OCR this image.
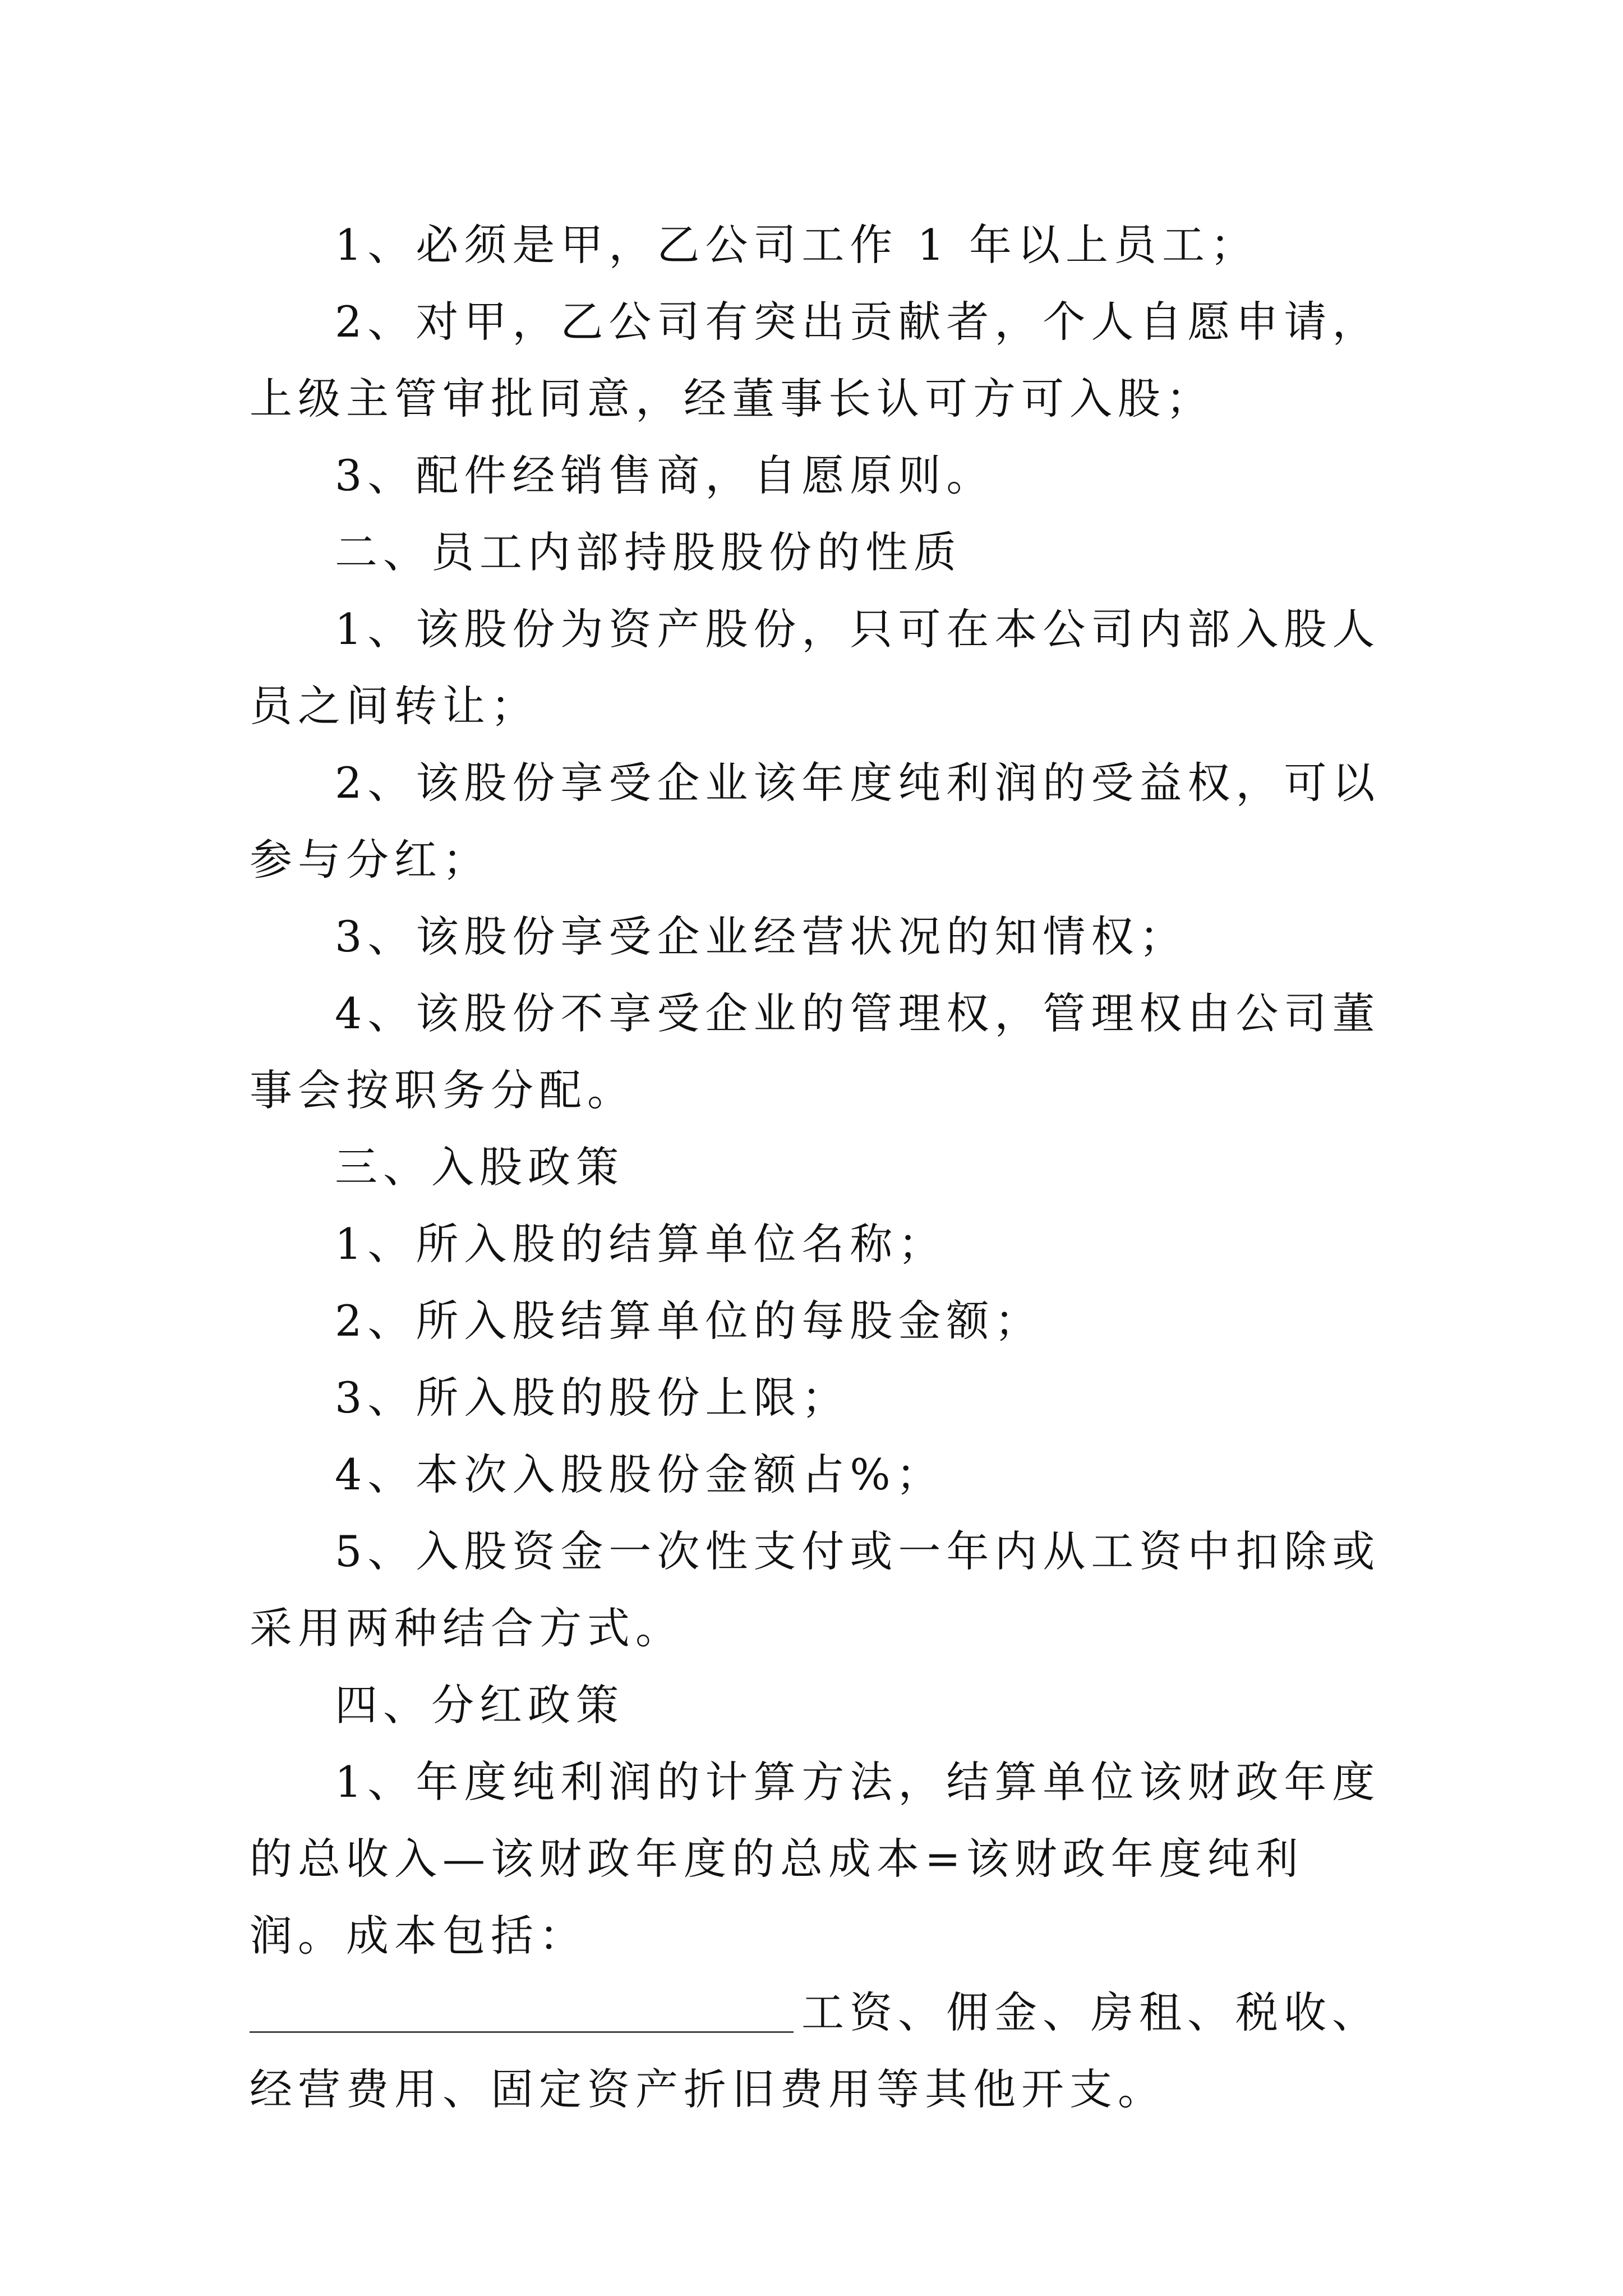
1、必须是甲，乙公司工作 1 年以上员工；

2、对甲，乙公司有突出贡献者，个人自愿申请，上级主管审批同意，经董事长认可方可入股；

3、配件经销售商，自愿原则。

二、员工内部持股股份的性质

1、该股份为资产股份，只可在本公司内部入股人员之间转让；

2、该股份享受企业该年度纯利润的受益权，可以参与分红；

3、该股份享受企业经营状况的知情权；

4、该股份不享受企业的管理权，管理权由公司董事会按职务分配。

三、入股政策

1、所入股的结算单位名称；

2、所入股结算单位的每股金额；

3、所入股的股份上限；

4、本次入股股份金额占%；

5、入股资金一次性支付或一年内从工资中扣除或采用两种结合方式。

四、分红政策

1、年度纯利润的计算方法，结算单位该财政年度的总收入—该财政年度的总成本=该财政年度纯利润。成本包括：

工资、佣金、房租、税收、经营费用、固定资产折旧费用等其他开支。
